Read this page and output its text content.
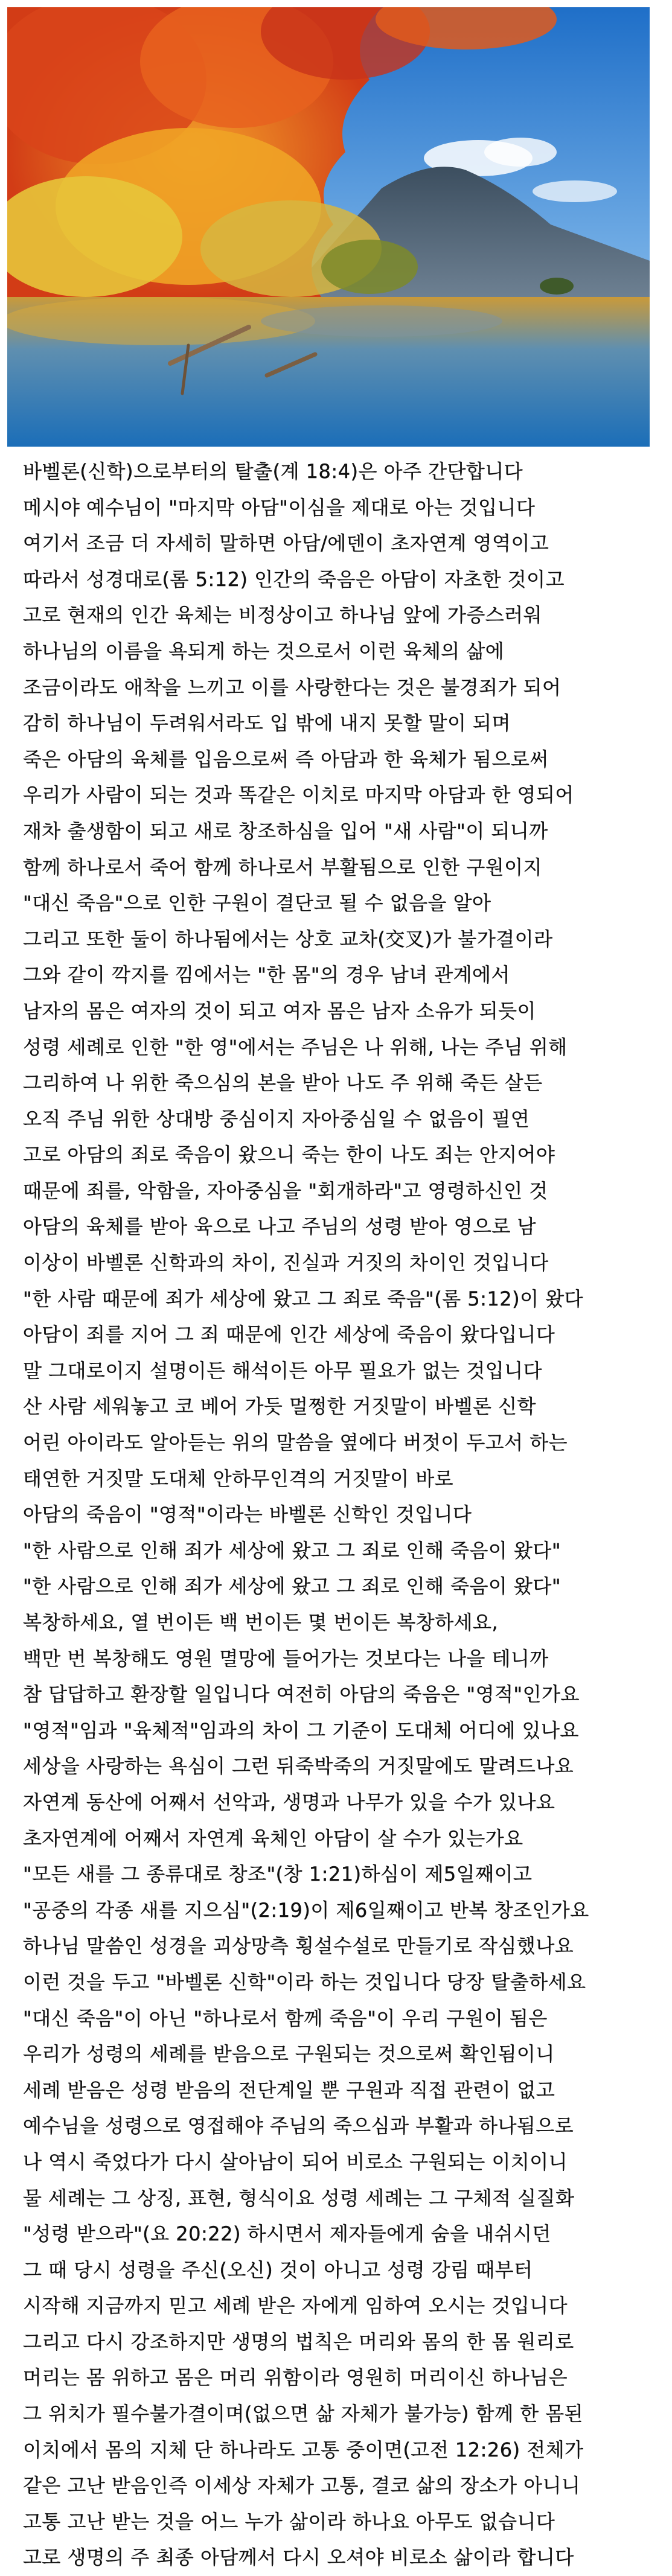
바벨론(신학)으로부터의 탈출(계 18:4)은 아주 간단합니다
메시야 예수님이 "마지막 아담"이심을 제대로 아는 것입니다
여기서 조금 더 자세히 말하면 아담/에덴이 초자연계 영역이고
따라서 성경대로(롬 5:12) 인간의 죽음은 아담이 자초한 것이고
고로 현재의 인간 육체는 비정상이고 하나님 앞에 가증스러워
하나님의 이름을 욕되게 하는 것으로서 이런 육체의 삶에
조금이라도 애착을 느끼고 이를 사랑한다는 것은 불경죄가 되어
감히 하나님이 두려워서라도 입 밖에 내지 못할 말이 되며
죽은 아담의 육체를 입음으로써 즉 아담과 한 육체가 됨으로써
우리가 사람이 되는 것과 똑같은 이치로 마지막 아담과 한 영되어
재차 출생함이 되고 새로 창조하심을 입어 "새 사람"이 되니까
함께 하나로서 죽어 함께 하나로서 부활됨으로 인한 구원이지
"대신 죽음"으로 인한 구원이 결단코 될 수 없음을 알아
그리고 또한 둘이 하나됨에서는 상호 교차(交叉)가 불가결이라
그와 같이 깍지를 낌에서는 "한 몸"의 경우 남녀 관계에서
남자의 몸은 여자의 것이 되고 여자 몸은 남자 소유가 되듯이
성령 세례로 인한 "한 영"에서는 주님은 나 위해, 나는 주님 위해
그리하여 나 위한 죽으심의 본을 받아 나도 주 위해 죽든 살든
오직 주님 위한 상대방 중심이지 자아중심일 수 없음이 필연
고로 아담의 죄로 죽음이 왔으니 죽는 한이 나도 죄는 안지어야
때문에 죄를, 악함을, 자아중심을 "회개하라"고 영령하신인 것
아담의 육체를 받아 육으로 나고 주님의 성령 받아 영으로 남
이상이 바벨론 신학과의 차이, 진실과 거짓의 차이인 것입니다
"한 사람 때문에 죄가 세상에 왔고 그 죄로 죽음"(롬 5:12)이 왔다
아담이 죄를 지어 그 죄 때문에 인간 세상에 죽음이 왔다입니다
말 그대로이지 설명이든 해석이든 아무 필요가 없는 것입니다
산 사람 세워놓고 코 베어 가듯 멀쩡한 거짓말이 바벨론 신학
어린 아이라도 알아듣는 위의 말씀을 옆에다 버젓이 두고서 하는
태연한 거짓말 도대체 안하무인격의 거짓말이 바로
아담의 죽음이 "영적"이라는 바벨론 신학인 것입니다
"한 사람으로 인해 죄가 세상에 왔고 그 죄로 인해 죽음이 왔다"
"한 사람으로 인해 죄가 세상에 왔고 그 죄로 인해 죽음이 왔다"
복창하세요, 열 번이든 백 번이든 몇 번이든 복창하세요,
백만 번 복창해도 영원 멸망에 들어가는 것보다는 나을 테니까
참 답답하고 환장할 일입니다 여전히 아담의 죽음은 "영적"인가요
"영적"임과 "육체적"임과의 차이 그 기준이 도대체 어디에 있나요
세상을 사랑하는 욕심이 그런 뒤죽박죽의 거짓말에도 말려드나요
자연계 동산에 어째서 선악과, 생명과 나무가 있을 수가 있나요
초자연계에 어째서 자연계 육체인 아담이 살 수가 있는가요
"모든 새를 그 종류대로 창조"(창 1:21)하심이 제5일째이고
"공중의 각종 새를 지으심"(2:19)이 제6일째이고 반복 창조인가요
하나님 말씀인 성경을 괴상망측 횡설수설로 만들기로 작심했나요
이런 것을 두고 "바벨론 신학"이라 하는 것입니다 당장 탈출하세요
"대신 죽음"이 아닌 "하나로서 함께 죽음"이 우리 구원이 됨은
우리가 성령의 세례를 받음으로 구원되는 것으로써 확인됨이니
세례 받음은 성령 받음의 전단계일 뿐 구원과 직접 관련이 없고
예수님을 성령으로 영접해야 주님의 죽으심과 부활과 하나됨으로
나 역시 죽었다가 다시 살아남이 되어 비로소 구원되는 이치이니
물 세례는 그 상징, 표현, 형식이요 성령 세례는 그 구체적 실질화
"성령 받으라"(요 20:22) 하시면서 제자들에게 숨을 내쉬시던
그 때 당시 성령을 주신(오신) 것이 아니고 성령 강림 때부터
시작해 지금까지 믿고 세례 받은 자에게 임하여 오시는 것입니다
그리고 다시 강조하지만 생명의 법칙은 머리와 몸의 한 몸 원리로
머리는 몸 위하고 몸은 머리 위함이라 영원히 머리이신 하나님은
그 위치가 필수불가결이며(없으면 삶 자체가 불가능) 함께 한 몸된
이치에서 몸의 지체 단 하나라도 고통 중이면(고전 12:26) 전체가
같은 고난 받음인즉 이세상 자체가 고통, 결코 삶의 장소가 아니니
고통 고난 받는 것을 어느 누가 삶이라 하나요 아무도 없습니다
고로 생명의 주 최종 아담께서 다시 오셔야 비로소 삶이라 합니다
